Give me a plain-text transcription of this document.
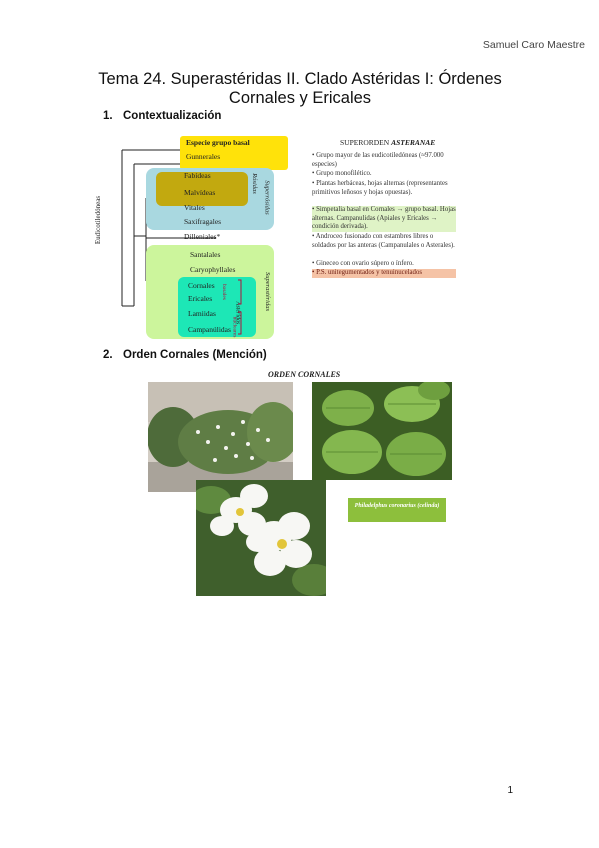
Samuel Caro Maestre
Tema 24. Superastéridas II. Clado Astéridas I: Órdenes Cornales y Ericales
1. Contextualización
Especie grupo basal
Gunnerales
Fabídeas
Malvídeas
Vitales
Saxifragales
Dilleniales*
Santalales
Caryophyllales
Cornales
Ericales
Lamiidas
Campanúlidas
Eudicotiledóneas
Rósidas Superrósidas
Superastéridas
Astéridas
basales
nucleares
SUPERORDEN ASTERANAE
• Grupo mayor de las eudicotiledóneas (≈97.000 especies)
• Grupo monofilético.
• Plantas herbáceas, hojas alternas (representantes primitivos leñosos y hojas opuestas).
• Simpetalia basal en Cornales → grupo basal. Hojas alternas. Campanulidas (Apiales y Ericales → condición derivada).
• Androceo fusionado con estambres libres o soldados por las anteras (Campanulales o Asterales).
• Gineceo con ovario súpero o ínfero.
• P.S. unitegumentados y tenuinucelados
2. Orden Cornales (Mención)
ORDEN CORNALES
Philadelphus coronarius (celinda)
1
